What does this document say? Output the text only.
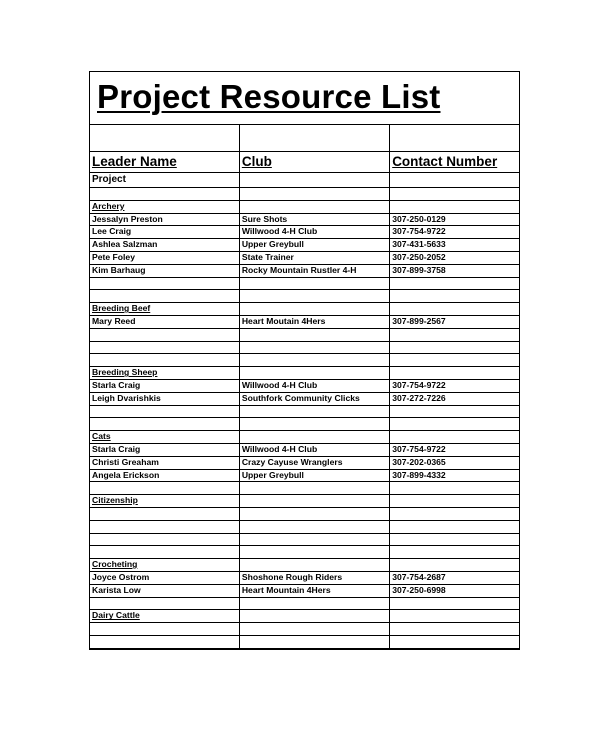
Project Resource List

Leader Name	Club	Contact Number
Project		

Archery		
Jessalyn Preston	Sure Shots	307-250-0129
Lee Craig	Willwood 4-H Club	307-754-9722
Ashlea Salzman	Upper Greybull	307-431-5633
Pete Foley	State Trainer	307-250-2052
Kim Barhaug	Rocky Mountain Rustler 4-H	307-899-3758

Breeding Beef		
Mary Reed	Heart Moutain 4Hers	307-899-2567

Breeding Sheep		
Starla Craig	Willwood 4-H Club	307-754-9722
Leigh Dvarishkis	Southfork Community Clicks	307-272-7226

Cats		
Starla Craig	Willwood 4-H Club	307-754-9722
Christi Greaham	Crazy Cayuse Wranglers	307-202-0365
Angela Erickson	Upper Greybull	307-899-4332

Citizenship		

Crocheting		
Joyce Ostrom	Shoshone Rough Riders	307-754-2687
Karista Low	Heart Mountain 4Hers	307-250-6998

Dairy Cattle		
